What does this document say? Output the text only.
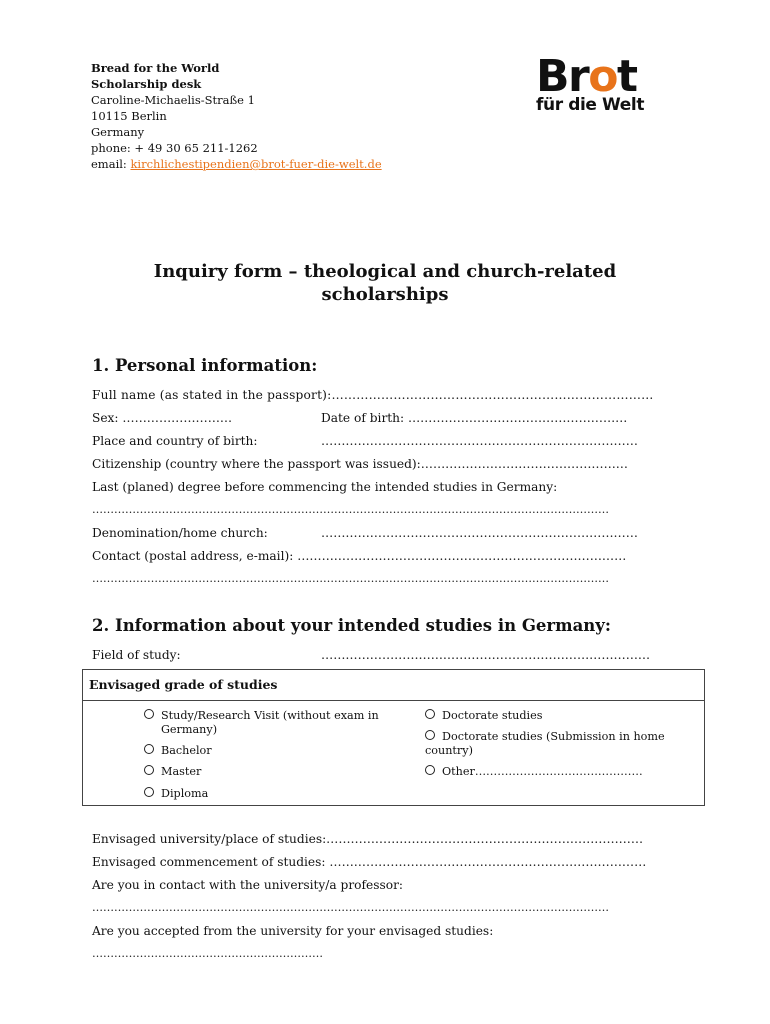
Bread for the World
Scholarship desk
Caroline-Michaelis-Straße 1
10115 Berlin
Germany
phone: + 49 30 65 211-1262
email: kirchlichestipendien@brot-fuer-die-welt.de
Brot
für die Welt
Inquiry form – theological and church-related
scholarships
1. Personal information:
Full name (as stated in the passport):……………………………………………………………………
Sex: ………………………	Date of birth: ………………………………………………
Place and country of birth:	……………………………………………………………………
Citizenship (country where the passport was issued):……………………………………………
Last (planed) degree before commencing the intended studies in Germany:
……………………………………………………………………………………………………………………………
Denomination/home church:	……………………………………………………………………
Contact (postal address, e-mail): ………………………………………………………………………
……………………………………………………………………………………………………………………………
2. Information about your intended studies in Germany:
Field of study:	………………………………………………………………………
Envisaged grade of studies
Study/Research Visit (without exam in
Germany)
Bachelor
Master
Diploma
Doctorate studies
Doctorate studies (Submission in home
country)
Other………………………………………
Envisaged university/place of studies:……………………………………………………………………
Envisaged commencement of studies: ……………………………………………………………………
Are you in contact with the university/a professor:
……………………………………………………………………………………………………………………………
Are you accepted from the university for your envisaged studies:
………………………………………………………
